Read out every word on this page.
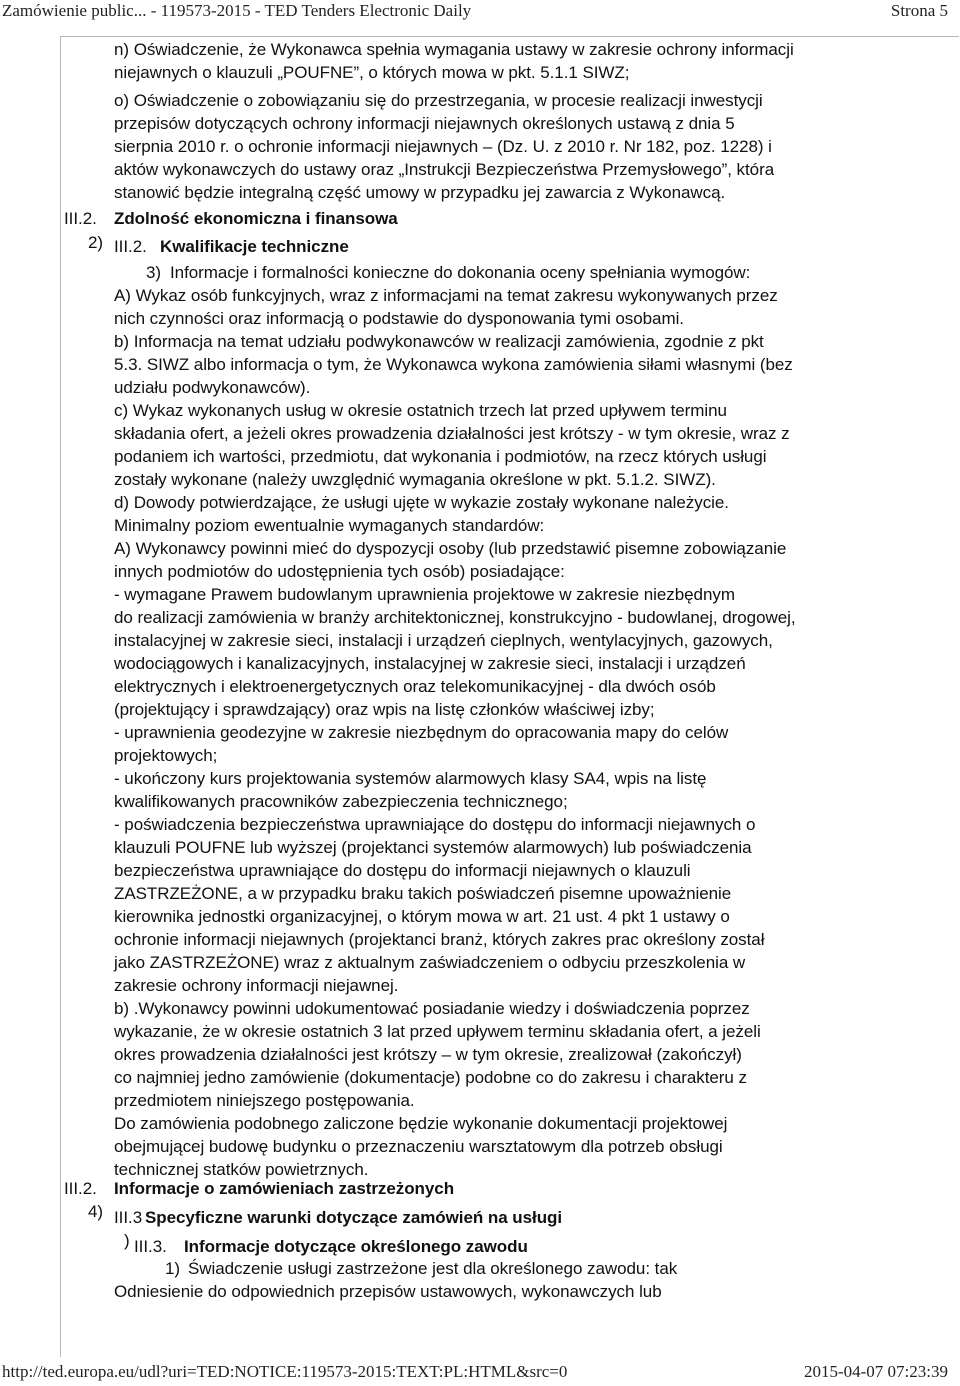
Zamówienie public... - 119573-2015 - TED Tenders Electronic Daily	Strona 5
n) Oświadczenie, że Wykonawca spełnia wymagania ustawy w zakresie ochrony informacji
niejawnych o klauzuli „POUFNE”, o których mowa w pkt. 5.1.1 SIWZ;
o) Oświadczenie o zobowiązaniu się do przestrzegania, w procesie realizacji inwestycji
przepisów dotyczących ochrony informacji niejawnych określonych ustawą z dnia 5
sierpnia 2010 r. o ochronie informacji niejawnych – (Dz. U. z 2010 r. Nr 182, poz. 1228) i
aktów wykonawczych do ustawy oraz „Instrukcji Bezpieczeństwa Przemysłowego”, która
stanowić będzie integralną część umowy w przypadku jej zawarcia z Wykonawcą.
III.2. Zdolność ekonomiczna i finansowa
2) III.2. Kwalifikacje techniczne
3) Informacje i formalności konieczne do dokonania oceny spełniania wymogów:
A) Wykaz osób funkcyjnych, wraz z informacjami na temat zakresu wykonywanych przez
nich czynności oraz informacją o podstawie do dysponowania tymi osobami.
b) Informacja na temat udziału podwykonawców w realizacji zamówienia, zgodnie z pkt
5.3. SIWZ albo informacja o tym, że Wykonawca wykona zamówienia siłami własnymi (bez
udziału podwykonawców).
c) Wykaz wykonanych usług w okresie ostatnich trzech lat przed upływem terminu
składania ofert, a jeżeli okres prowadzenia działalności jest krótszy - w tym okresie, wraz z
podaniem ich wartości, przedmiotu, dat wykonania i podmiotów, na rzecz których usługi
zostały wykonane (należy uwzględnić wymagania określone w pkt. 5.1.2. SIWZ).
d) Dowody potwierdzające, że usługi ujęte w wykazie zostały wykonane należycie.
Minimalny poziom ewentualnie wymaganych standardów:
A) Wykonawcy powinni mieć do dyspozycji osoby (lub przedstawić pisemne zobowiązanie
innych podmiotów do udostępnienia tych osób) posiadające:
- wymagane Prawem budowlanym uprawnienia projektowe w zakresie niezbędnym
do realizacji zamówienia w branży architektonicznej, konstrukcyjno - budowlanej, drogowej,
instalacyjnej w zakresie sieci, instalacji i urządzeń cieplnych, wentylacyjnych, gazowych,
wodociągowych i kanalizacyjnych, instalacyjnej w zakresie sieci, instalacji i urządzeń
elektrycznych i elektroenergetycznych oraz telekomunikacyjnej - dla dwóch osób
(projektujący i sprawdzający) oraz wpis na listę członków właściwej izby;
- uprawnienia geodezyjne w zakresie niezbędnym do opracowania mapy do celów
projektowych;
- ukończony kurs projektowania systemów alarmowych klasy SA4, wpis na listę
kwalifikowanych pracowników zabezpieczenia technicznego;
- poświadczenia bezpieczeństwa uprawniające do dostępu do informacji niejawnych o
klauzuli POUFNE lub wyższej (projektanci systemów alarmowych) lub poświadczenia
bezpieczeństwa uprawniające do dostępu do informacji niejawnych o klauzuli
ZASTRZEŻONE, a w przypadku braku takich poświadczeń pisemne upoważnienie
kierownika jednostki organizacyjnej, o którym mowa w art. 21 ust. 4 pkt 1 ustawy o
ochronie informacji niejawnych (projektanci branż, których zakres prac określony został
jako ZASTRZEŻONE) wraz z aktualnym zaświadczeniem o odbyciu przeszkolenia w
zakresie ochrony informacji niejawnej.
b) .Wykonawcy powinni udokumentować posiadanie wiedzy i doświadczenia poprzez
wykazanie, że w okresie ostatnich 3 lat przed upływem terminu składania ofert, a jeżeli
okres prowadzenia działalności jest krótszy – w tym okresie, zrealizował (zakończył)
co najmniej jedno zamówienie (dokumentacje) podobne co do zakresu i charakteru z
przedmiotem niniejszego postępowania.
Do zamówienia podobnego zaliczone będzie wykonanie dokumentacji projektowej
obejmującej budowę budynku o przeznaczeniu warsztatowym dla potrzeb obsługi
technicznej statków powietrznych.
III.2. Informacje o zamówieniach zastrzeżonych
4) III.3 Specyficzne warunki dotyczące zamówień na usługi
) III.3. Informacje dotyczące określonego zawodu
1) Świadczenie usługi zastrzeżone jest dla określonego zawodu: tak
Odniesienie do odpowiednich przepisów ustawowych, wykonawczych lub
http://ted.europa.eu/udl?uri=TED:NOTICE:119573-2015:TEXT:PL:HTML&src=0	2015-04-07 07:23:39
